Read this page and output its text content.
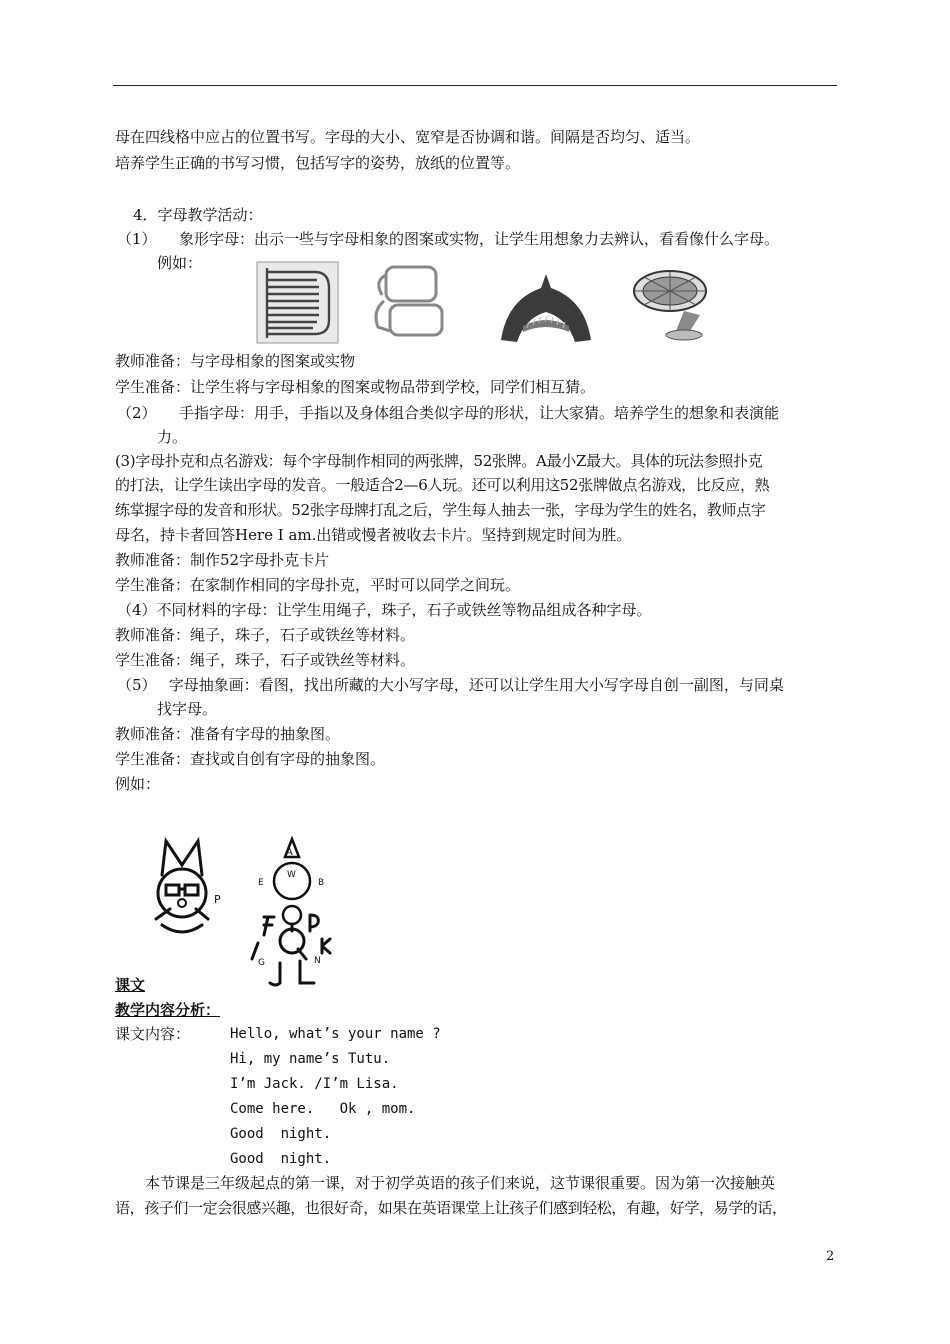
母在四线格中应占的位置书写。字母的大小、宽窄是否协调和谐。间隔是否均匀、适当。
培养学生正确的书写习惯，包括写字的姿势，放纸的位置等。
4．字母教学活动：
（1）　　象形字母：出示一些与字母相象的图案或实物，让学生用想象力去辨认，看看像什么字母。
例如：
教师准备：与字母相象的图案或实物
学生准备：让学生将与字母相象的图案或物品带到学校，同学们相互猜。
（2）　　手指字母：用手，手指以及身体组合类似字母的形状，让大家猜。培养学生的想象和表演能
力。
(3)字母扑克和点名游戏：每个字母制作相同的两张牌，52张牌。A最小Z最大。具体的玩法参照扑克
的打法，让学生读出字母的发音。一般适合2—6人玩。还可以利用这52张牌做点名游戏，比反应，熟
练掌握字母的发音和形状。52张字母牌打乱之后，学生每人抽去一张，字母为学生的姓名，教师点字
母名，持卡者回答Here I am.出错或慢者被收去卡片。坚持到规定时间为胜。
教师准备：制作52字母扑克卡片
学生准备：在家制作相同的字母扑克，平时可以同学之间玩。
（4）不同材料的字母：让学生用绳子，珠子，石子或铁丝等物品组成各种字母。
教师准备：绳子，珠子，石子或铁丝等材料。
学生准备：绳子，珠子，石子或铁丝等材料。
（5）　 字母抽象画：看图，找出所藏的大小写字母，还可以让学生用大小写字母自创一副图，与同桌
找字母。
教师准备：准备有字母的抽象图。
学生准备：查找或自创有字母的抽象图。
例如：
P
A
W
E	B
G	N
课文
教学内容分析：
课文内容：	Hello, what’s your name ?
Hi, my name’s Tutu.
I’m Jack. /I’m Lisa.
Come here.   Ok , mom.
Good  night.
Good  night.
本节课是三年级起点的第一课，对于初学英语的孩子们来说，这节课很重要。因为第一次接触英
语，孩子们一定会很感兴趣，也很好奇，如果在英语课堂上让孩子们感到轻松，有趣，好学，易学的话，
2
